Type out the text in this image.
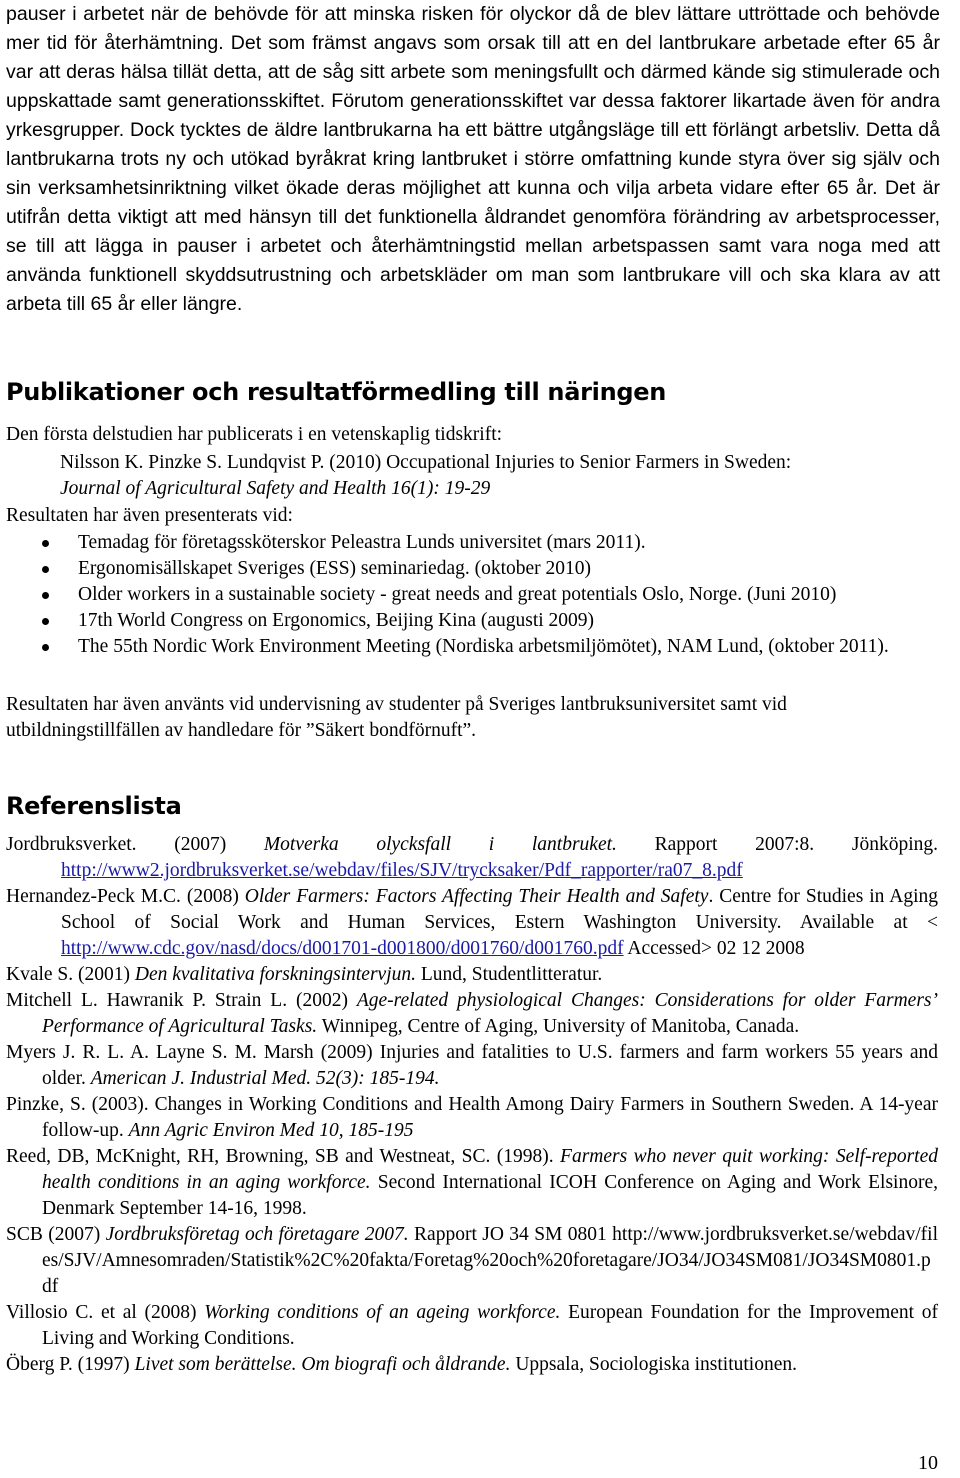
pauser i arbetet när de behövde för att minska risken för olyckor då de blev lättare uttröttade och behövde mer tid för återhämtning. Det som främst angavs som orsak till att en del lantbrukare arbetade efter 65 år var att deras hälsa tillät detta, att de såg sitt arbete som meningsfullt och därmed kände sig stimulerade och uppskattade samt generationsskiftet. Förutom generationsskiftet var dessa faktorer likartade även för andra yrkesgrupper. Dock tycktes de äldre lantbrukarna ha ett bättre utgångsläge till ett förlängt arbetsliv. Detta då lantbrukarna trots ny och utökad byråkrat kring lantbruket i större omfattning kunde styra över sig själv och sin verksamhetsinriktning vilket ökade deras möjlighet att kunna och vilja arbeta vidare efter 65 år. Det är utifrån detta viktigt att med hänsyn till det funktionella åldrandet genomföra förändring av arbetsprocesser, se till att lägga in pauser i arbetet och återhämtningstid mellan arbetspassen samt vara noga med att använda funktionell skyddsutrustning och arbetskläder om man som lantbrukare vill och ska klara av att arbeta till 65 år eller längre.

Publikationer och resultatförmedling till näringen

Den första delstudien har publicerats i en vetenskaplig tidskrift:

Nilsson K. Pinzke S. Lundqvist P. (2010) Occupational Injuries to Senior Farmers in Sweden:

Journal of Agricultural Safety and Health 16(1): 19-29

Resultaten har även presenterats vid:

Temadag för företagssköterskor Peleastra Lunds universitet (mars 2011).
Ergonomisällskapet Sveriges (ESS) seminariedag. (oktober 2010)
Older workers in a sustainable society - great needs and great potentials Oslo, Norge. (Juni 2010)
17th World Congress on Ergonomics, Beijing Kina (augusti 2009)
The 55th Nordic Work Environment Meeting (Nordiska arbetsmiljömötet), NAM Lund, (oktober 2011).

Resultaten har även använts vid undervisning av studenter på Sveriges lantbruksuniversitet samt vid utbildningstillfällen av handledare för ”Säkert bondförnuft”.

Referenslista

Jordbruksverket. (2007) Motverka olycksfall i lantbruket. Rapport 2007:8. Jönköping. http://www2.jordbruksverket.se/webdav/files/SJV/trycksaker/Pdf_rapporter/ra07_8.pdf

Hernandez-Peck M.C. (2008) Older Farmers: Factors Affecting Their Health and Safety. Centre for Studies in Aging School of Social Work and Human Services, Estern Washington University. Available at < http://www.cdc.gov/nasd/docs/d001701-d001800/d001760/d001760.pdf Accessed> 02 12 2008

Kvale S. (2001) Den kvalitativa forskningsintervjun. Lund, Studentlitteratur.

Mitchell L. Hawranik P. Strain L. (2002) Age-related physiological Changes: Considerations for older Farmers’ Performance of Agricultural Tasks. Winnipeg, Centre of Aging, University of Manitoba, Canada.

Myers J. R. L. A. Layne S. M. Marsh (2009) Injuries and fatalities to U.S. farmers and farm workers 55 years and older. American J. Industrial Med. 52(3): 185-194.

Pinzke, S. (2003). Changes in Working Conditions and Health Among Dairy Farmers in Southern Sweden. A 14-year follow-up. Ann Agric Environ Med 10, 185-195

Reed, DB, McKnight, RH, Browning, SB and Westneat, SC. (1998). Farmers who never quit working: Self-reported health conditions in an aging workforce. Second International ICOH Conference on Aging and Work Elsinore, Denmark September 14-16, 1998.

SCB (2007) Jordbruksföretag och företagare 2007. Rapport JO 34 SM 0801 http://www.jordbruksverket.se/webdav/files/SJV/Amnesomraden/Statistik%2C%20fakta/Foretag%20och%20foretagare/JO34/JO34SM081/JO34SM0801.pdf

Villosio C. et al (2008) Working conditions of an ageing workforce. European Foundation for the Improvement of Living and Working Conditions.

Öberg P. (1997) Livet som berättelse. Om biografi och åldrande. Uppsala, Sociologiska institutionen.

10
